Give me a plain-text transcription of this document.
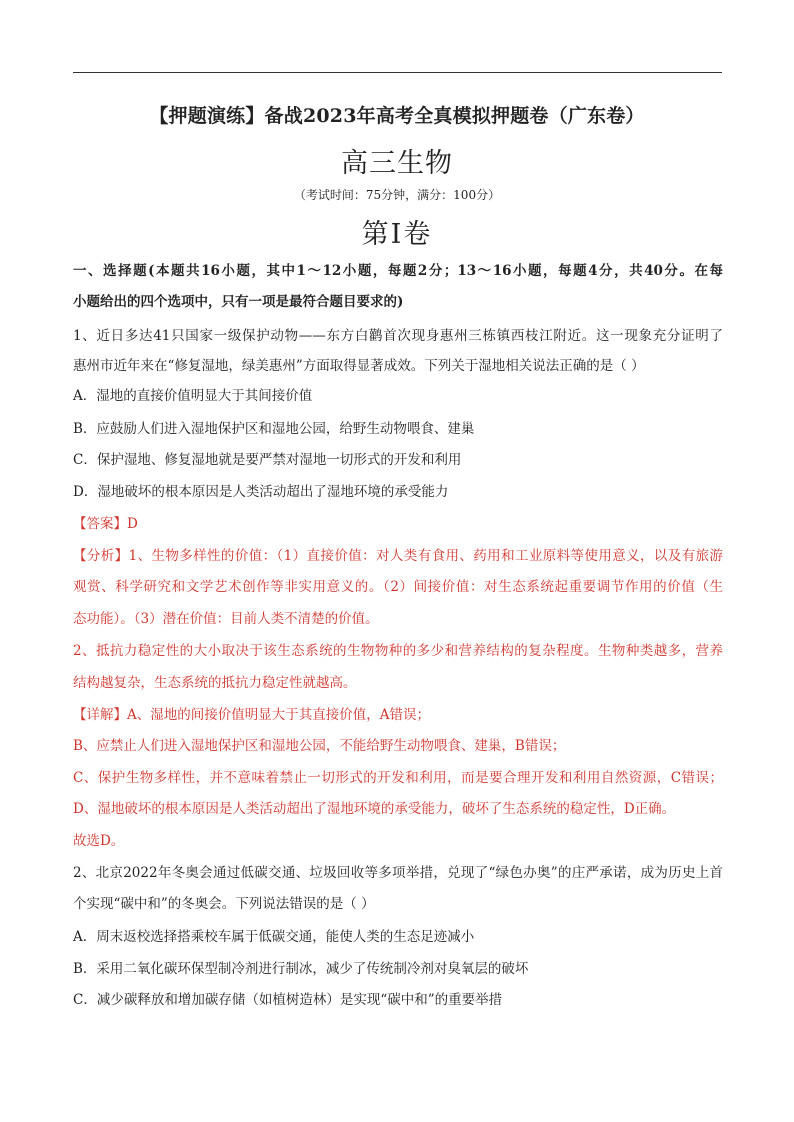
【押题演练】备战2023年高考全真模拟押题卷（广东卷）
高三生物
（考试时间：75分钟，满分：100分）
第I卷
一、选择题(本题共16小题，其中1～12小题，每题2分；13～16小题，每题4分，共40分。在每
小题给出的四个选项中，只有一项是最符合题目要求的)
1、近日多达41只国家一级保护动物——东方白鹳首次现身惠州三栋镇西枝江附近。这一现象充分证明了
惠州市近年来在“修复湿地，绿美惠州”方面取得显著成效。下列关于湿地相关说法正确的是（ ）
A．湿地的直接价值明显大于其间接价值
B．应鼓励人们进入湿地保护区和湿地公园，给野生动物喂食、建巢
C．保护湿地、修复湿地就是要严禁对湿地一切形式的开发和利用
D．湿地破坏的根本原因是人类活动超出了湿地环境的承受能力
【答案】D
【分析】1、生物多样性的价值：（1）直接价值：对人类有食用、药用和工业原料等使用意义，以及有旅游
观赏、科学研究和文学艺术创作等非实用意义的。（2）间接价值：对生态系统起重要调节作用的价值（生
态功能）。（3）潜在价值：目前人类不清楚的价值。
2、抵抗力稳定性的大小取决于该生态系统的生物物种的多少和营养结构的复杂程度。生物种类越多，营养
结构越复杂，生态系统的抵抗力稳定性就越高。
【详解】A、湿地的间接价值明显大于其直接价值，A错误；
B、应禁止人们进入湿地保护区和湿地公园，不能给野生动物喂食、建巢，B错误；
C、保护生物多样性，并不意味着禁止一切形式的开发和利用，而是要合理开发和利用自然资源，C错误；
D、湿地破坏的根本原因是人类活动超出了湿地环境的承受能力，破坏了生态系统的稳定性，D正确。
故选D。
2、北京2022年冬奥会通过低碳交通、垃圾回收等多项举措，兑现了“绿色办奥”的庄严承诺，成为历史上首
个实现“碳中和”的冬奥会。下列说法错误的是（ ）
A．周末返校选择搭乘校车属于低碳交通，能使人类的生态足迹减小
B．采用二氧化碳环保型制冷剂进行制冰，减少了传统制冷剂对臭氧层的破坏
C．减少碳释放和增加碳存储（如植树造林）是实现“碳中和”的重要举措
